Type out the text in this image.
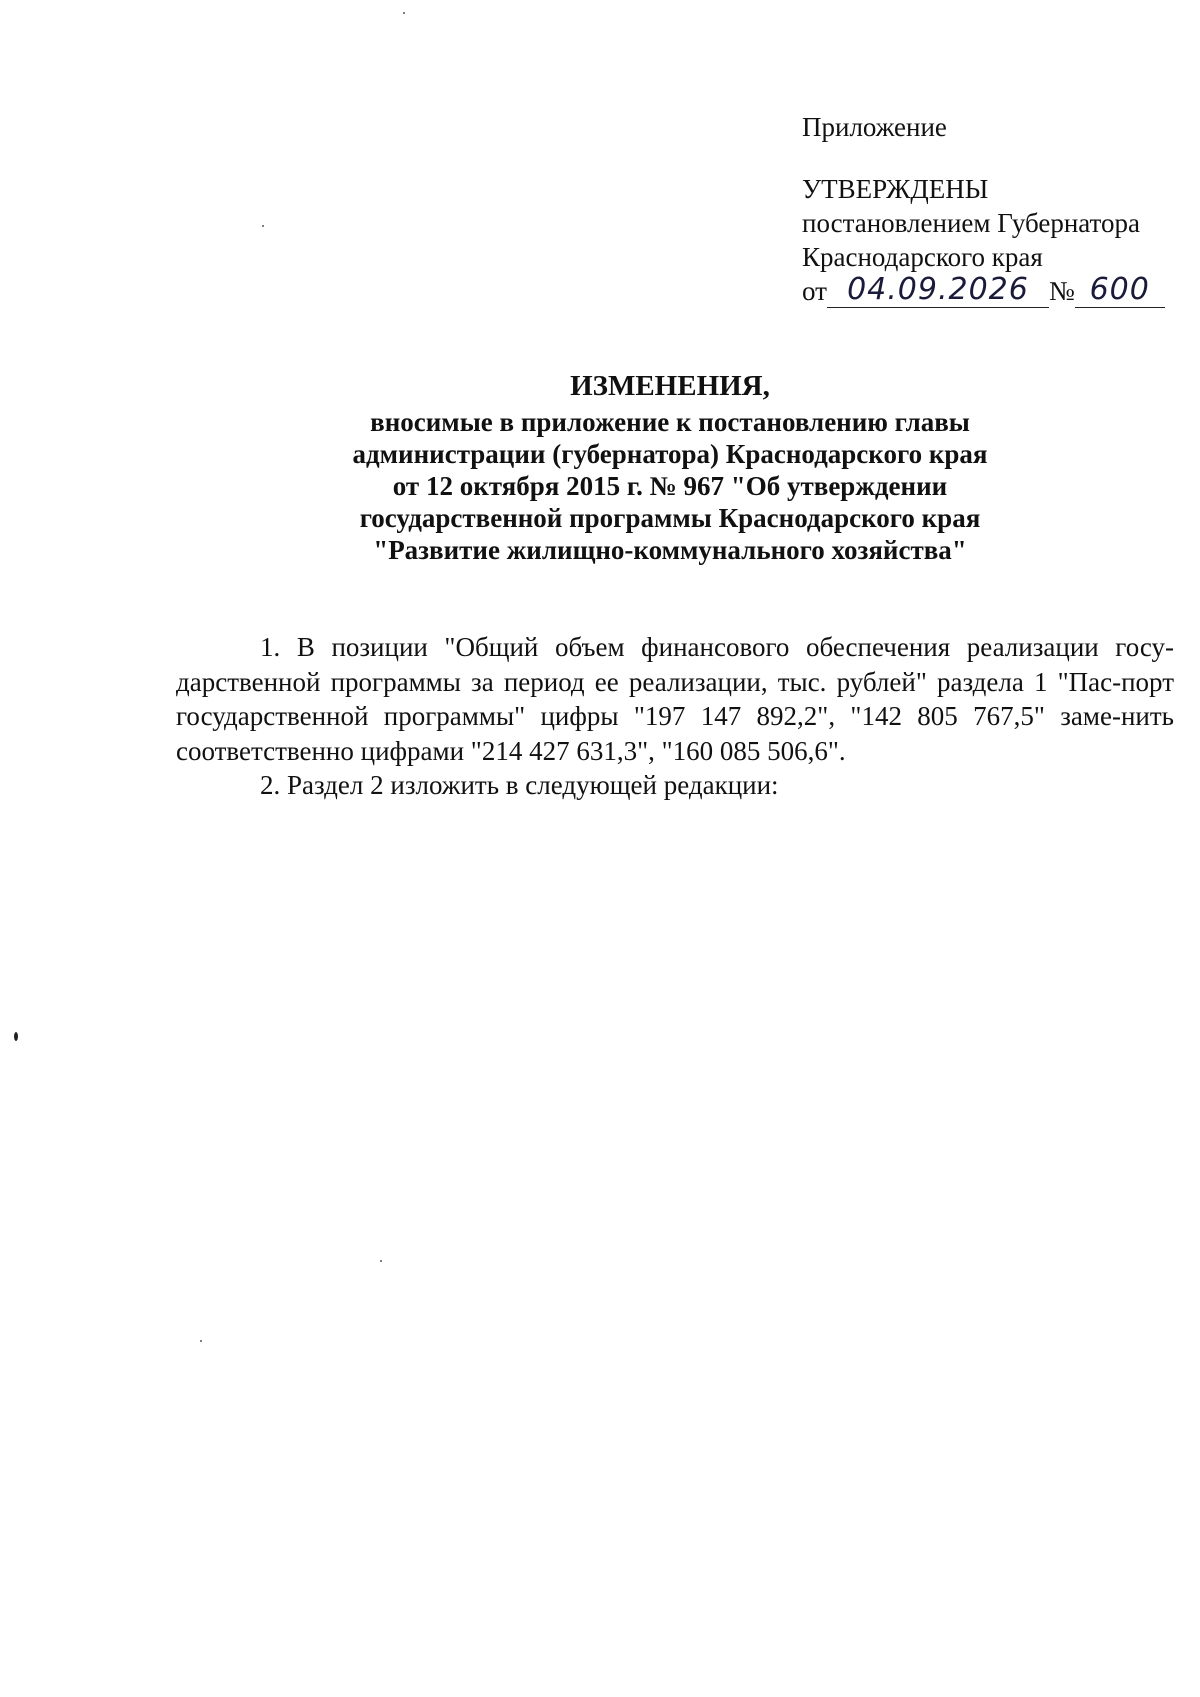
Приложение
УТВЕРЖДЕНЫ
постановлением Губернатора
Краснодарского края
от 04.09.2026 № 600
ИЗМЕНЕНИЯ,
вносимые в приложение к постановлению главы
администрации (губернатора) Краснодарского края
от 12 октября 2015 г. № 967 "Об утверждении
государственной программы Краснодарского края
"Развитие жилищно-коммунального хозяйства"

1. В позиции "Общий объем финансового обеспечения реализации госу-дарственной программы за период ее реализации, тыс. рублей" раздела 1 "Пас-порт государственной программы" цифры "197 147 892,2", "142 805 767,5" заме-нить соответственно цифрами "214 427 631,3", "160 085 506,6".

2. Раздел 2 изложить в следующей редакции:
